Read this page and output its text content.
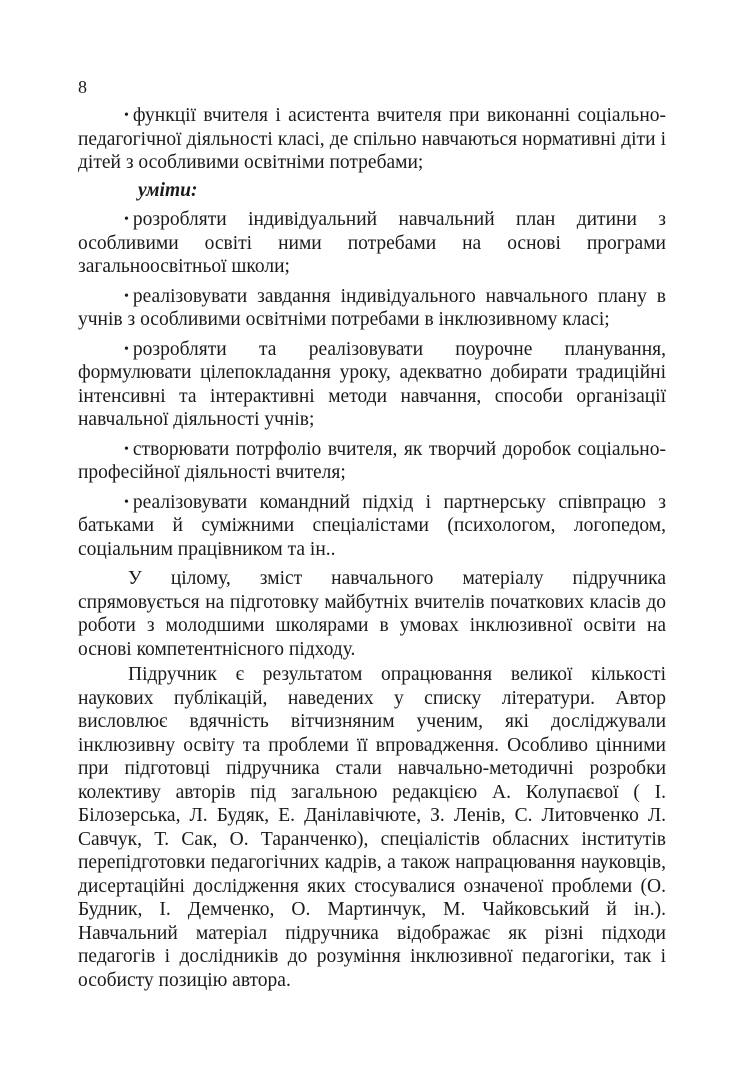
8

• функції вчителя і асистента вчителя при виконанні соціально-педагогічної діяльності класі, де спільно навчаються нормативні діти і дітей з особливими освітніми потребами;

уміти:

• розробляти індивідуальний навчальний план дитини з особливими освіті ними потребами на основі програми загальноосвітньої школи;

• реалізовувати завдання індивідуального навчального плану в учнів з особливими освітніми потребами в інклюзивному класі;

• розробляти та реалізовувати поурочне планування, формулювати цілепокладання уроку, адекватно добирати традиційні інтенсивні та інтерактивні методи навчання, способи організації навчальної діяльності учнів;

• створювати потрфоліо вчителя, як творчий доробок соціально-професійної діяльності вчителя;

• реалізовувати командний підхід і партнерську співпрацю з батьками й суміжними спеціалістами (психологом, логопедом, соціальним працівником та ін..

У цілому, зміст навчального матеріалу підручника спрямовується на підготовку майбутніх вчителів початкових класів до роботи з молодшими школярами в умовах інклюзивної освіти на основі компетентнісного підходу.

Підручник є результатом опрацювання великої кількості наукових публікацій, наведених у списку літератури. Автор висловлює вдячність вітчизняним ученим, які досліджували інклюзивну освіту та проблеми її впровадження. Особливо цінними при підготовці підручника стали навчально-методичні розробки колективу авторів під загальною редакцією А. Колупаєвої ( І. Білозерська, Л. Будяк, Е. Данілавічюте, З. Ленів, С. Литовченко Л. Савчук, Т. Сак, О. Таранченко), спеціалістів обласних інститутів перепідготовки педагогічних кадрів, а також напрацювання науковців, дисертаційні дослідження яких стосувалися означеної проблеми (О. Будник, І. Демченко, О. Мартинчук, М. Чайковський й ін.). Навчальний матеріал підручника відображає як різні підходи педагогів і дослідників до розуміння інклюзивної педагогіки, так і особисту позицію автора.
